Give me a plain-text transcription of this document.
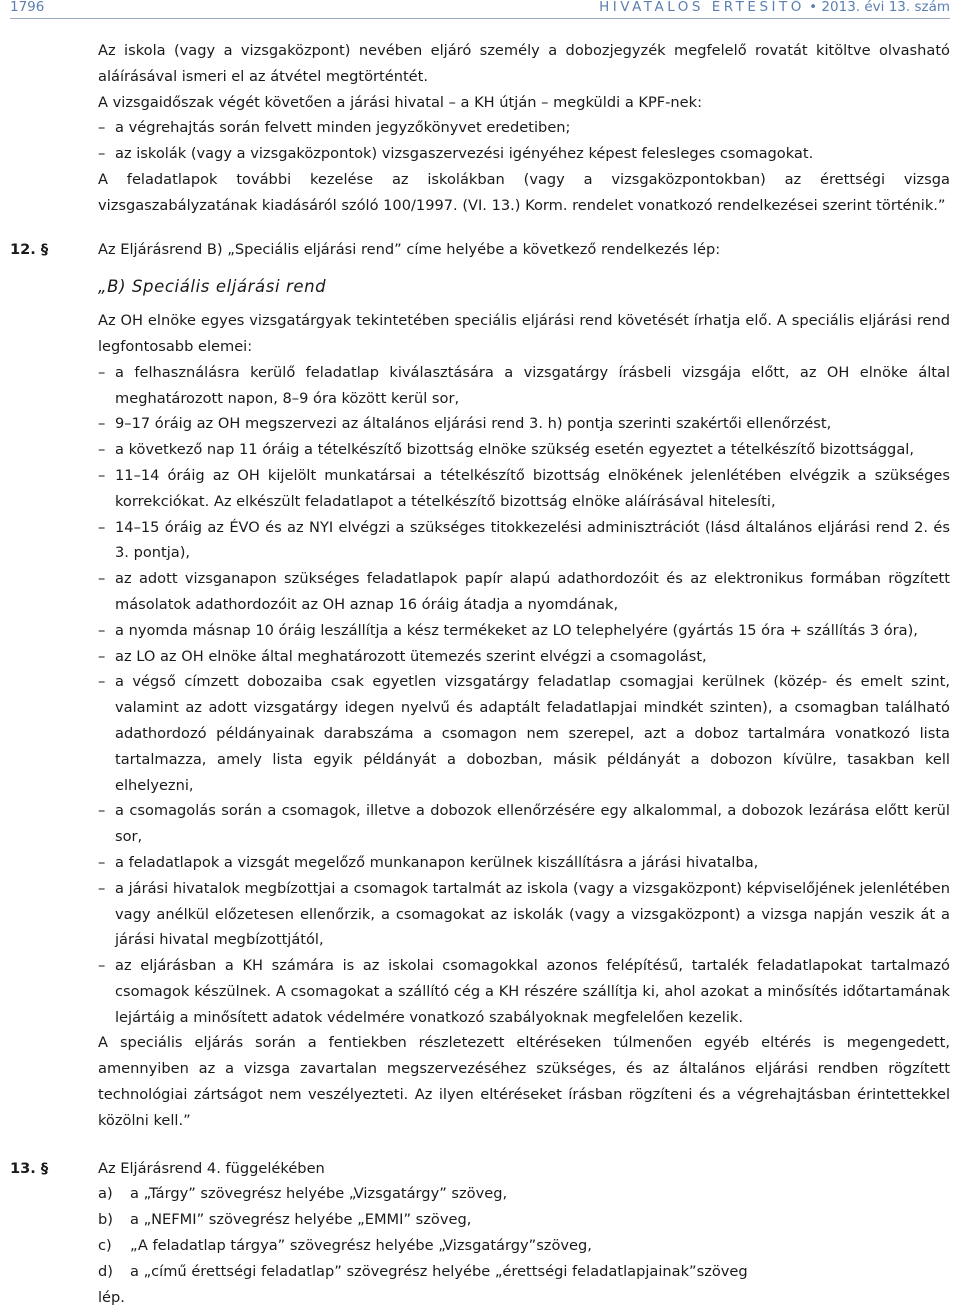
1796	HIVATALOS ÉRTESÍTŐ • 2013. évi 13. szám

Az iskola (vagy a vizsgaközpont) nevében eljáró személy a dobozjegyzék megfelelő rovatát kitöltve olvasható aláírásával ismeri el az átvétel megtörténtét.

A vizsgaidőszak végét követően a járási hivatal – a KH útján – megküldi a KPF-nek:

– a végrehajtás során felvett minden jegyzőkönyvet eredetiben;

– az iskolák (vagy a vizsgaközpontok) vizsgaszervezési igényéhez képest felesleges csomagokat.

A feladatlapok további kezelése az iskolákban (vagy a vizsgaközpontokban) az érettségi vizsga vizsgaszabályzatának kiadásáról szóló 100/1997. (VI. 13.) Korm. rendelet vonatkozó rendelkezései szerint történik.”

12. §	Az Eljárásrend B) „Speciális eljárási rend” címe helyébe a következő rendelkezés lép:

„B) Speciális eljárási rend

Az OH elnöke egyes vizsgatárgyak tekintetében speciális eljárási rend követését írhatja elő. A speciális eljárási rend legfontosabb elemei:

– a felhasználásra kerülő feladatlap kiválasztására a vizsgatárgy írásbeli vizsgája előtt, az OH elnöke által meghatározott napon, 8–9 óra között kerül sor,

– 9–17 óráig az OH megszervezi az általános eljárási rend 3. h) pontja szerinti szakértői ellenőrzést,

– a következő nap 11 óráig a tételkészítő bizottság elnöke szükség esetén egyeztet a tételkészítő bizottsággal,

– 11–14 óráig az OH kijelölt munkatársai a tételkészítő bizottság elnökének jelenlétében elvégzik a szükséges korrekciókat. Az elkészült feladatlapot a tételkészítő bizottság elnöke aláírásával hitelesíti,

– 14–15 óráig az ÉVO és az NYI elvégzi a szükséges titokkezelési adminisztrációt (lásd általános eljárási rend 2. és 3. pontja),

– az adott vizsganapon szükséges feladatlapok papír alapú adathordozóit és az elektronikus formában rögzített másolatok adathordozóit az OH aznap 16 óráig átadja a nyomdának,

– a nyomda másnap 10 óráig leszállítja a kész termékeket az LO telephelyére (gyártás 15 óra + szállítás 3 óra),

– az LO az OH elnöke által meghatározott ütemezés szerint elvégzi a csomagolást,

– a végső címzett dobozaiba csak egyetlen vizsgatárgy feladatlap csomagjai kerülnek (közép- és emelt szint, valamint az adott vizsgatárgy idegen nyelvű és adaptált feladatlapjai mindkét szinten), a csomagban található adathordozó példányainak darabszáma a csomagon nem szerepel, azt a doboz tartalmára vonatkozó lista tartalmazza, amely lista egyik példányát a dobozban, másik példányát a dobozon kívülre, tasakban kell elhelyezni,

– a csomagolás során a csomagok, illetve a dobozok ellenőrzésére egy alkalommal, a dobozok lezárása előtt kerül sor,

– a feladatlapok a vizsgát megelőző munkanapon kerülnek kiszállításra a járási hivatalba,

– a járási hivatalok megbízottjai a csomagok tartalmát az iskola (vagy a vizsgaközpont) képviselőjének jelenlétében vagy anélkül előzetesen ellenőrzik, a csomagokat az iskolák (vagy a vizsgaközpont) a vizsga napján veszik át a járási hivatal megbízottjától,

– az eljárásban a KH számára is az iskolai csomagokkal azonos felépítésű, tartalék feladatlapokat tartalmazó csomagok készülnek. A csomagokat a szállító cég a KH részére szállítja ki, ahol azokat a minősítés időtartamának lejártáig a minősített adatok védelmére vonatkozó szabályoknak megfelelően kezelik.

A speciális eljárás során a fentiekben részletezett eltéréseken túlmenően egyéb eltérés is megengedett, amennyiben az a vizsga zavartalan megszervezéséhez szükséges, és az általános eljárási rendben rögzített technológiai zártságot nem veszélyezteti. Az ilyen eltéréseket írásban rögzíteni és a végrehajtásban érintettekkel közölni kell.”

13. §	Az Eljárásrend 4. függelékében

a) a „Tárgy” szövegrész helyébe „Vizsgatárgy” szöveg,

b) a „NEFMI” szövegrész helyébe „EMMI” szöveg,

c) „A feladatlap tárgya” szövegrész helyébe „Vizsgatárgy”szöveg,

d) a „című érettségi feladatlap” szövegrész helyébe „érettségi feladatlapjainak”szöveg

lép.
